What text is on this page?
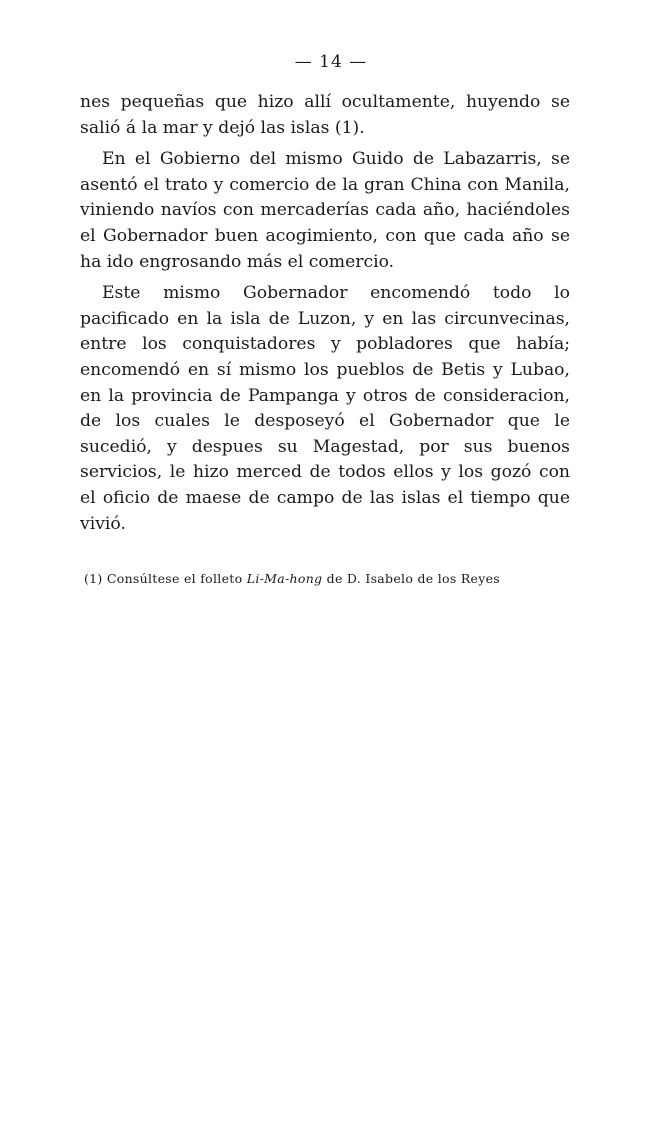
— 14 —

nes pequeñas que hizo allí ocultamente, huyendo se salió á la mar y dejó las islas (1).

En el Gobierno del mismo Guido de Labazarris, se asentó el trato y comercio de la gran China con Manila, viniendo navíos con mercaderías cada año, haciéndoles el Gobernador buen acogimiento, con que cada año se ha ido engrosando más el comercio.

Este mismo Gobernador encomendó todo lo pacificado en la isla de Luzon, y en las circunvecinas, entre los conquistadores y pobladores que había; encomendó en sí mismo los pueblos de Betis y Lubao, en la provincia de Pampanga y otros de consideracion, de los cuales le desposeyó el Gobernador que le sucedió, y despues su Magestad, por sus buenos servicios, le hizo merced de todos ellos y los gozó con el oficio de maese de campo de las islas el tiempo que vivió.

(1) Consúltese el folleto Li-Ma-hong de D. Isabelo de los Reyes
